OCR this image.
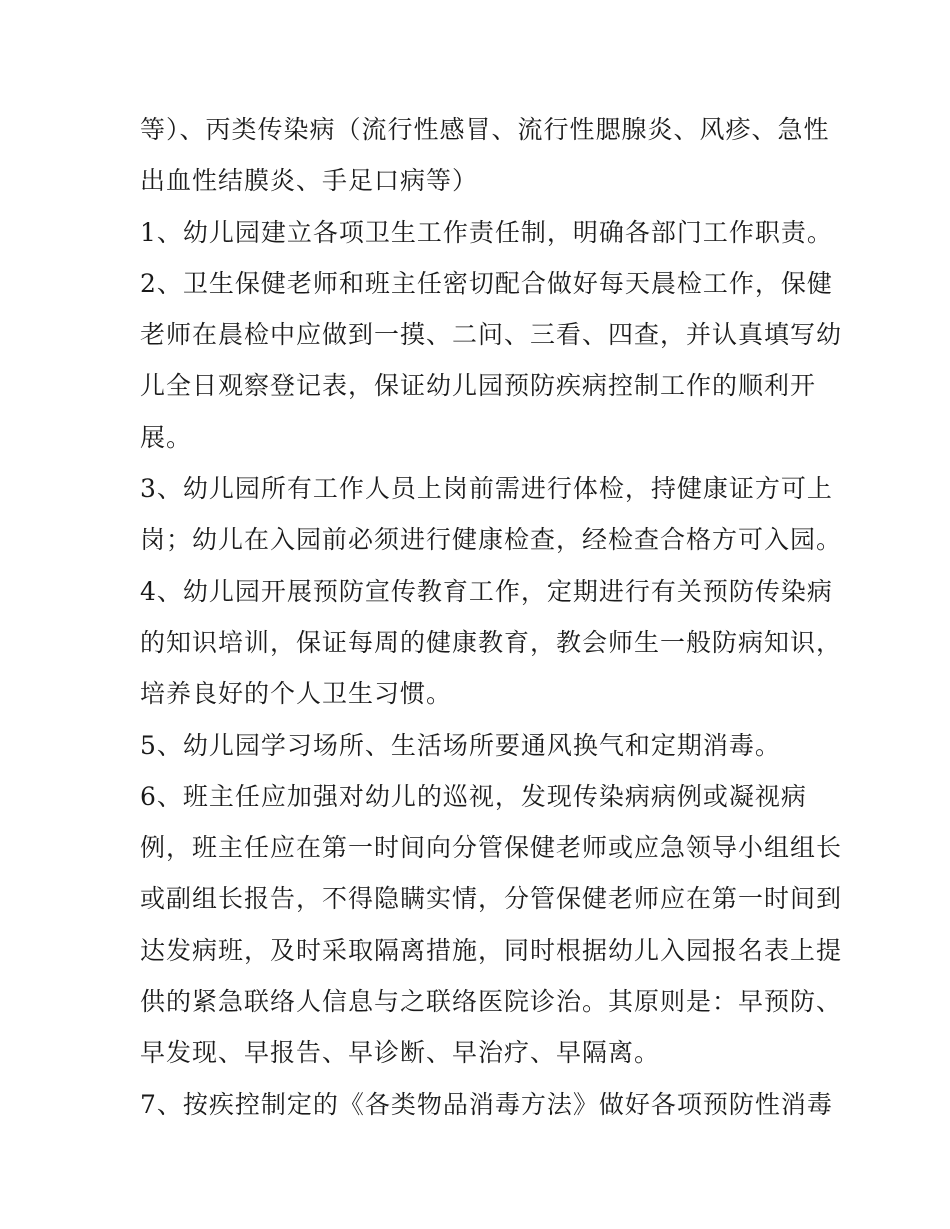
等）、丙类传染病（流行性感冒、流行性腮腺炎、风疹、急性
出血性结膜炎、手足口病等）
1、幼儿园建立各项卫生工作责任制，明确各部门工作职责。
2、卫生保健老师和班主任密切配合做好每天晨检工作，保健
老师在晨检中应做到一摸、二问、三看、四查，并认真填写幼
儿全日观察登记表，保证幼儿园预防疾病控制工作的顺利开
展。
3、幼儿园所有工作人员上岗前需进行体检，持健康证方可上
岗；幼儿在入园前必须进行健康检查，经检查合格方可入园。
4、幼儿园开展预防宣传教育工作，定期进行有关预防传染病
的知识培训，保证每周的健康教育，教会师生一般防病知识，
培养良好的个人卫生习惯。
5、幼儿园学习场所、生活场所要通风换气和定期消毒。
6、班主任应加强对幼儿的巡视，发现传染病病例或凝视病
例，班主任应在第一时间向分管保健老师或应急领导小组组长
或副组长报告，不得隐瞒实情，分管保健老师应在第一时间到
达发病班，及时采取隔离措施，同时根据幼儿入园报名表上提
供的紧急联络人信息与之联络医院诊治。其原则是：早预防、
早发现、早报告、早诊断、早治疗、早隔离。
7、按疾控制定的《各类物品消毒方法》做好各项预防性消毒
